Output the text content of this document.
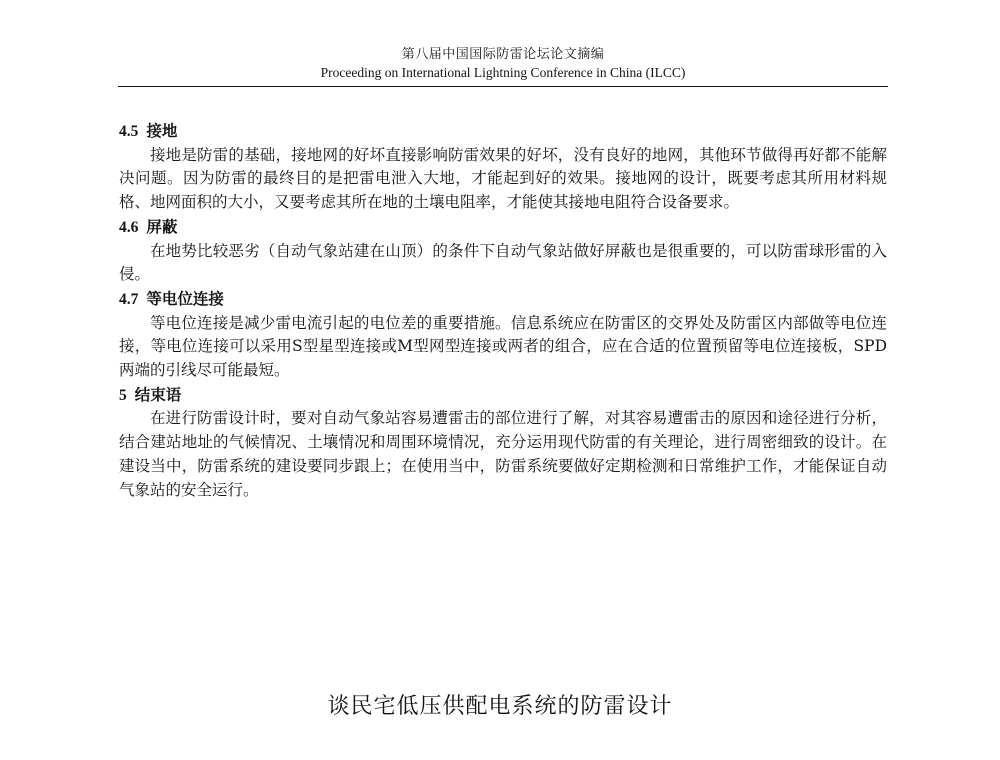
第八届中国国际防雷论坛论文摘编
Proceeding on International Lightning Conference in China (ILCC)
4.5 接地

接地是防雷的基础，接地网的好坏直接影响防雷效果的好坏，没有良好的地网，其他环节做得再好都不能解决问题。因为防雷的最终目的是把雷电泄入大地，才能起到好的效果。接地网的设计，既要考虑其所用材料规格、地网面积的大小，又要考虑其所在地的土壤电阻率，才能使其接地电阻符合设备要求。

4.6 屏蔽

在地势比较恶劣（自动气象站建在山顶）的条件下自动气象站做好屏蔽也是很重要的，可以防雷球形雷的入侵。

4.7 等电位连接

等电位连接是减少雷电流引起的电位差的重要措施。信息系统应在防雷区的交界处及防雷区内部做等电位连接，等电位连接可以采用S型星型连接或M型网型连接或两者的组合，应在合适的位置预留等电位连接板，SPD两端的引线尽可能最短。

5 结束语

在进行防雷设计时，要对自动气象站容易遭雷击的部位进行了解，对其容易遭雷击的原因和途径进行分析，结合建站地址的气候情况、土壤情况和周围环境情况，充分运用现代防雷的有关理论，进行周密细致的设计。在建设当中，防雷系统的建设要同步跟上；在使用当中，防雷系统要做好定期检测和日常维护工作，才能保证自动气象站的安全运行。

谈民宅低压供配电系统的防雷设计
